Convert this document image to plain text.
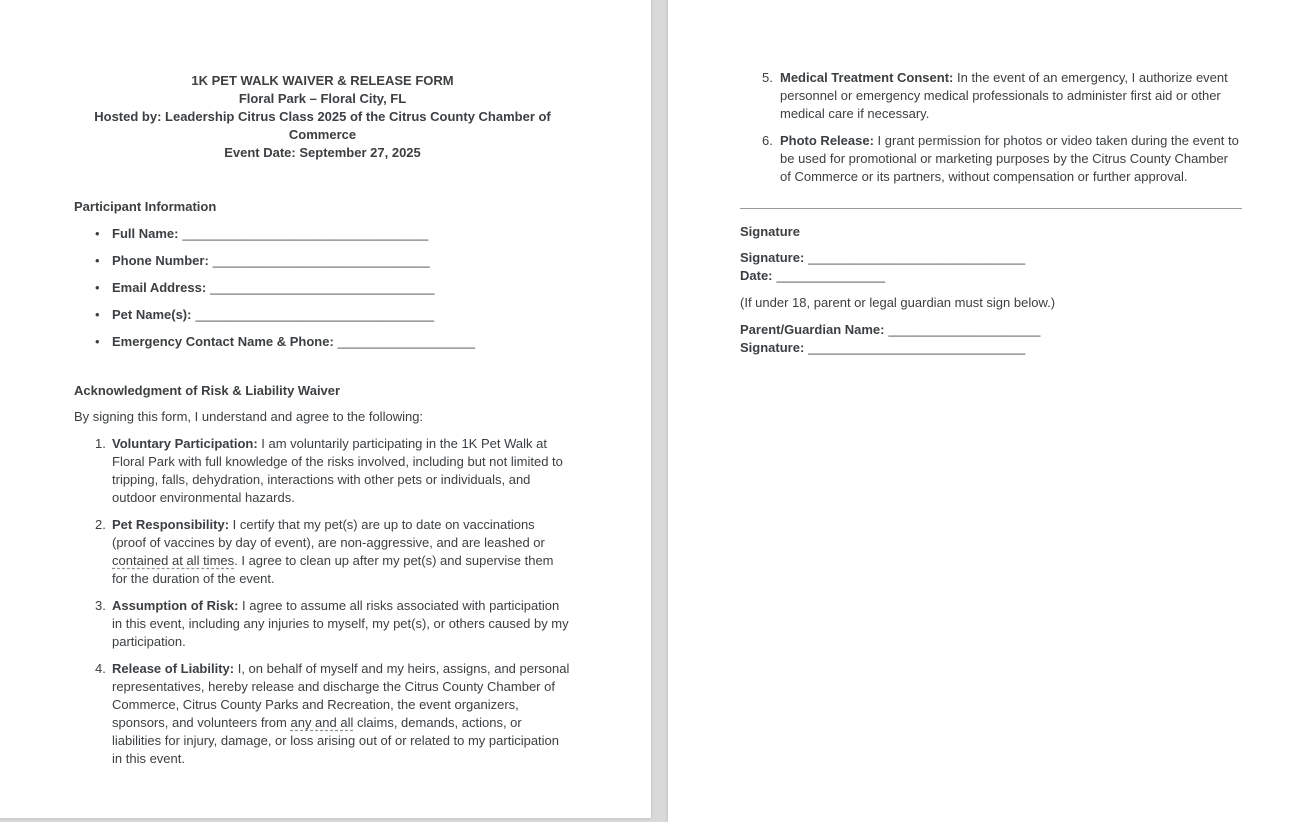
1K PET WALK WAIVER & RELEASE FORM
Floral Park – Floral City, FL
Hosted by: Leadership Citrus Class 2025 of the Citrus County Chamber of Commerce
Event Date: September 27, 2025
Participant Information
• Full Name: __________________________________
• Phone Number: ______________________________
• Email Address: _______________________________
• Pet Name(s): _________________________________
• Emergency Contact Name & Phone: ___________________
Acknowledgment of Risk & Liability Waiver
By signing this form, I understand and agree to the following:
1. Voluntary Participation: I am voluntarily participating in the 1K Pet Walk at Floral Park with full knowledge of the risks involved, including but not limited to tripping, falls, dehydration, interactions with other pets or individuals, and outdoor environmental hazards.
2. Pet Responsibility: I certify that my pet(s) are up to date on vaccinations (proof of vaccines by day of event), are non-aggressive, and are leashed or contained at all times. I agree to clean up after my pet(s) and supervise them for the duration of the event.
3. Assumption of Risk: I agree to assume all risks associated with participation in this event, including any injuries to myself, my pet(s), or others caused by my participation.
4. Release of Liability: I, on behalf of myself and my heirs, assigns, and personal representatives, hereby release and discharge the Citrus County Chamber of Commerce, Citrus County Parks and Recreation, the event organizers, sponsors, and volunteers from any and all claims, demands, actions, or liabilities for injury, damage, or loss arising out of or related to my participation in this event.
5. Medical Treatment Consent: In the event of an emergency, I authorize event personnel or emergency medical professionals to administer first aid or other medical care if necessary.
6. Photo Release: I grant permission for photos or video taken during the event to be used for promotional or marketing purposes by the Citrus County Chamber of Commerce or its partners, without compensation or further approval.
Signature
Signature: ______________________________
Date: _______________
(If under 18, parent or legal guardian must sign below.)
Parent/Guardian Name: _____________________
Signature: ______________________________
